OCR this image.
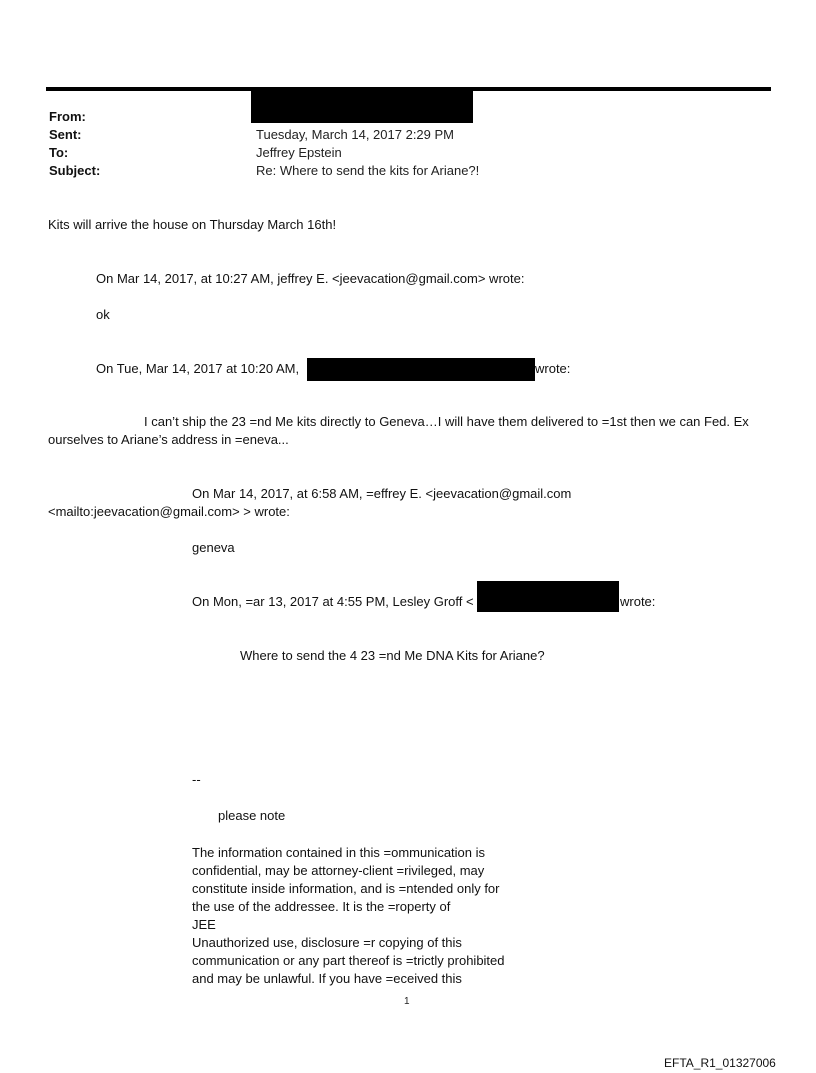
From:
Sent:
To:
Subject:
Tuesday, March 14, 2017 2:29 PM
Jeffrey Epstein
Re: Where to send the kits for Ariane?!
Kits will arrive the house on Thursday March 16th!
On Mar 14, 2017, at 10:27 AM, jeffrey E. <jeevacation@gmail.com> wrote:
ok
On Tue, Mar 14, 2017 at 10:20 AM,	wrote:
I can’t ship the 23 =nd Me kits directly to Geneva…I will have them delivered to =1st then we can Fed. Ex
ourselves to Ariane’s address in =eneva...
On Mar 14, 2017, at 6:58 AM, =effrey E. <jeevacation@gmail.com
<mailto:jeevacation@gmail.com> > wrote:
geneva
On Mon, =ar 13, 2017 at 4:55 PM, Lesley Groff <	wrote:
Where to send the 4 23 =nd Me DNA Kits for Ariane?
--
please note
The information contained in this =ommunication is
confidential, may be attorney-client =rivileged, may
constitute inside information, and is =ntended only for
the use of the addressee. It is the =roperty of
JEE
Unauthorized use, disclosure =r copying of this
communication or any part thereof is =trictly prohibited
and may be unlawful. If you have =eceived this
1
EFTA_R1_01327006
